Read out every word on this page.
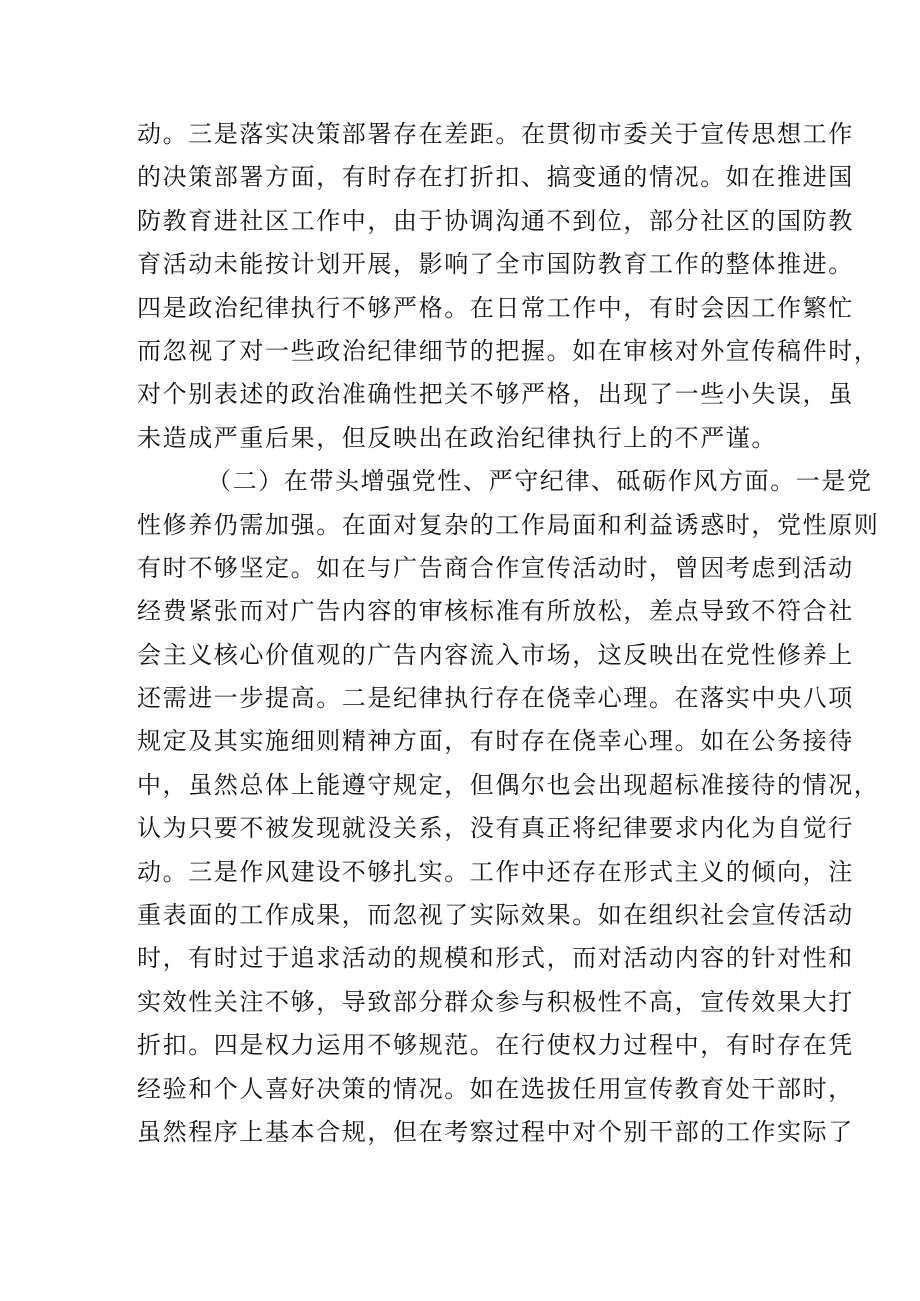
动。三是落实决策部署存在差距。在贯彻市委关于宣传思想工作
的决策部署方面，有时存在打折扣、搞变通的情况。如在推进国
防教育进社区工作中，由于协调沟通不到位，部分社区的国防教
育活动未能按计划开展，影响了全市国防教育工作的整体推进。
四是政治纪律执行不够严格。在日常工作中，有时会因工作繁忙
而忽视了对一些政治纪律细节的把握。如在审核对外宣传稿件时，
对个别表述的政治准确性把关不够严格，出现了一些小失误，虽
未造成严重后果，但反映出在政治纪律执行上的不严谨。
（二）在带头增强党性、严守纪律、砥砺作风方面。一是党
性修养仍需加强。在面对复杂的工作局面和利益诱惑时，党性原则
有时不够坚定。如在与广告商合作宣传活动时，曾因考虑到活动
经费紧张而对广告内容的审核标准有所放松，差点导致不符合社
会主义核心价值观的广告内容流入市场，这反映出在党性修养上
还需进一步提高。二是纪律执行存在侥幸心理。在落实中央八项
规定及其实施细则精神方面，有时存在侥幸心理。如在公务接待
中，虽然总体上能遵守规定，但偶尔也会出现超标准接待的情况，
认为只要不被发现就没关系，没有真正将纪律要求内化为自觉行
动。三是作风建设不够扎实。工作中还存在形式主义的倾向，注
重表面的工作成果，而忽视了实际效果。如在组织社会宣传活动
时，有时过于追求活动的规模和形式，而对活动内容的针对性和
实效性关注不够，导致部分群众参与积极性不高，宣传效果大打
折扣。四是权力运用不够规范。在行使权力过程中，有时存在凭
经验和个人喜好决策的情况。如在选拔任用宣传教育处干部时，
虽然程序上基本合规，但在考察过程中对个别干部的工作实际了
